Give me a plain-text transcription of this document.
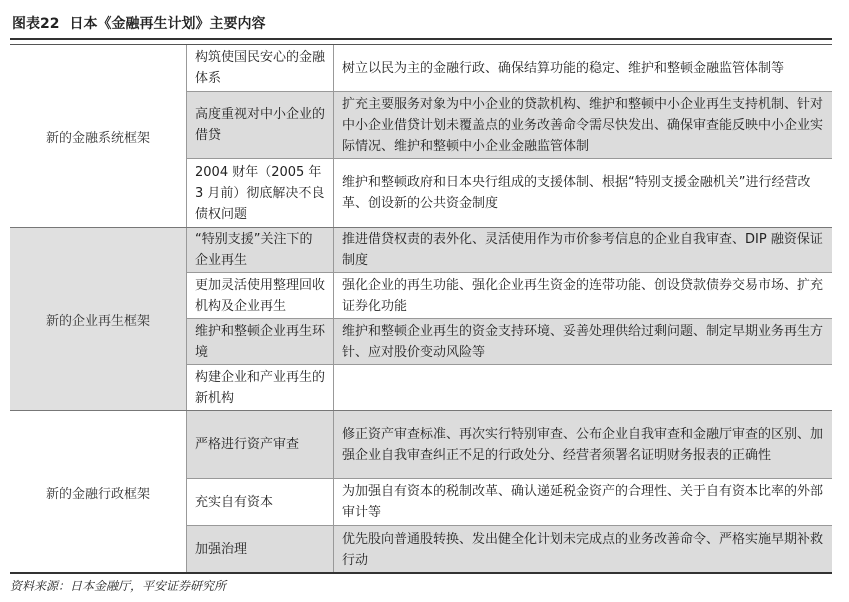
图表22 日本《金融再生计划》主要内容
新的金融系统框架
构筑使国民安心的金融体系
树立以民为主的金融行政、确保结算功能的稳定、维护和整顿金融监管体制等
高度重视对中小企业的借贷
扩充主要服务对象为中小企业的贷款机构、维护和整顿中小企业再生支持机制、针对中小企业借贷计划未覆盖点的业务改善命令需尽快发出、确保审查能反映中小企业实际情况、维护和整顿中小企业金融监管体制
2004 财年（2005 年 3 月前）彻底解决不良债权问题
维护和整顿政府和日本央行组成的支援体制、根据“特别支援金融机关”进行经营改革、创设新的公共资金制度
新的企业再生框架
“特别支援”关注下的企业再生
推进借贷权责的表外化、灵活使用作为市价参考信息的企业自我审查、DIP 融资保证制度
更加灵活使用整理回收机构及企业再生
强化企业的再生功能、强化企业再生资金的连带功能、创设贷款债券交易市场、扩充证券化功能
维护和整顿企业再生环境
维护和整顿企业再生的资金支持环境、妥善处理供给过剩问题、制定早期业务再生方针、应对股价变动风险等
构建企业和产业再生的新机构
新的金融行政框架
严格进行资产审查
修正资产审查标准、再次实行特别审查、公布企业自我审查和金融厅审查的区别、加强企业自我审查纠正不足的行政处分、经营者须署名证明财务报表的正确性
充实自有资本
为加强自有资本的税制改革、确认递延税金资产的合理性、关于自有资本比率的外部审计等
加强治理
优先股向普通股转换、发出健全化计划未完成点的业务改善命令、严格实施早期补救行动
资料来源：日本金融厅，平安证券研究所
